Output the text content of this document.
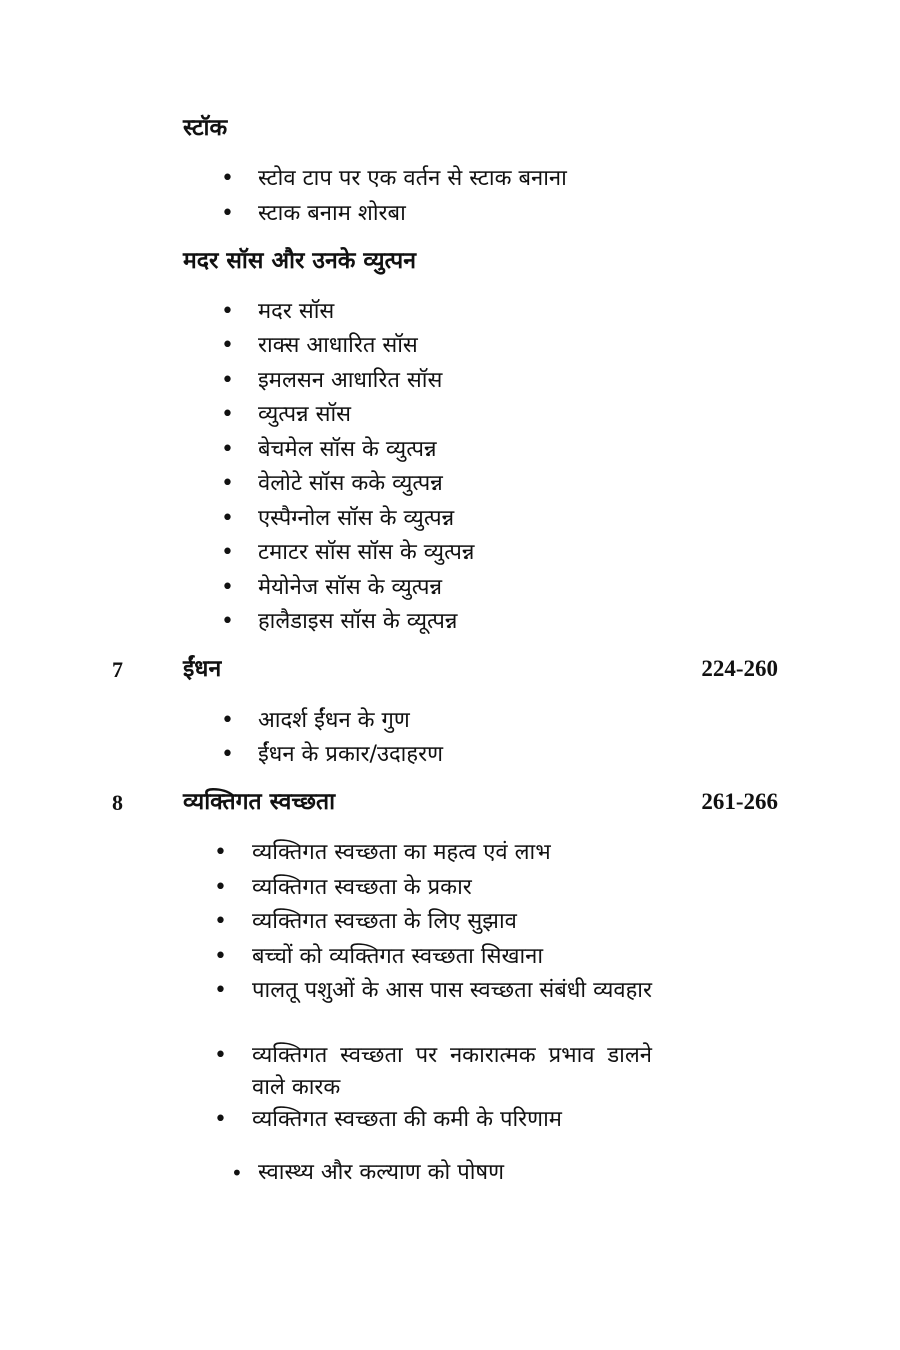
स्टॉक
• स्टोव टाप पर एक वर्तन से स्टाक बनाना
• स्टाक बनाम शोरबा
मदर सॉस और उनके व्युत्पन
• मदर सॉस
• राक्स आधारित सॉस
• इमलसन आधारित सॉस
• व्युत्पन्न सॉस
• बेचमेल सॉस के व्युत्पन्न
• वेलोटे सॉस कके व्युत्पन्न
• एस्पैग्नोल सॉस के व्युत्पन्न
• टमाटर सॉस सॉस के व्युत्पन्न
• मेयोनेज सॉस के व्युत्पन्न
• हालैडाइस सॉस के व्यूत्पन्न
7	ईंधन	224-260
• आदर्श ईंधन के गुण
• ईंधन के प्रकार/उदाहरण
8	व्यक्तिगत स्वच्छता	261-266
• व्यक्तिगत स्वच्छता का महत्व एवं लाभ
• व्यक्तिगत स्वच्छता के प्रकार
• व्यक्तिगत स्वच्छता के लिए सुझाव
• बच्चों को व्यक्तिगत स्वच्छता सिखाना
• पालतू पशुओं के आस पास स्वच्छता संबंधी व्यवहार
• व्यक्तिगत स्वच्छता पर नकारात्मक प्रभाव डालने वाले कारक
• व्यक्तिगत स्वच्छता की कमी के परिणाम
• स्वास्थ्य और कल्याण को पोषण
